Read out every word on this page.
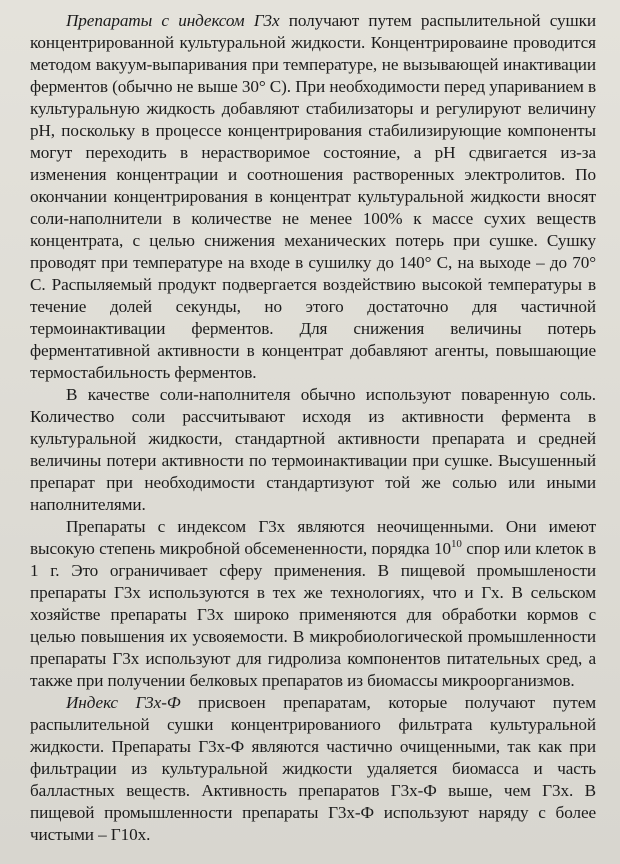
Препараты с индексом Г3х получают путем распылительной сушки концентрированной культуральной жидкости. Концентрироваине проводится методом вакуум-выпаривания при температуре, не вызывающей инактивации ферментов (обычно не выше 30° С). При необходимости перед упариванием в культуральную жидкость добавляют стабилизаторы и регулируют величину pH, поскольку в процессе концентрирования стабилизирующие компоненты могут переходить в нерастворимое состояние, а pH сдвигается из-за изменения концентрации и соотношения растворенных электролитов. По окончании концентрирования в концентрат культуральной жидкости вносят соли-наполнители в количестве не менее 100% к массе сухих веществ концентрата, с целью снижения механических потерь при сушке. Сушку проводят при температуре на входе в сушилку до 140° С, на выходе – до 70° С. Распыляемый продукт подвергается воздействию высокой температуры в течение долей секунды, но этого достаточно для частичной термоинактивации ферментов. Для снижения величины потерь ферментативной активности в концентрат добавляют агенты, повышающие термостабильность ферментов.

В качестве соли-наполнителя обычно используют поваренную соль. Количество соли рассчитывают исходя из активности фермента в культуральной жидкости, стандартной активности препарата и средней величины потери активности по термоинактивации при сушке. Высушенный препарат при необходимости стандартизуют той же солью или иными наполнителями.

Препараты с индексом Г3х являются неочищенными. Они имеют высокую степень микробной обсемененности, порядка $10^{10}$ спор или клеток в 1 г. Это ограничивает сферу применения. В пищевой промышлености препараты Г3х используются в тех же технологиях, что и Гх. В сельском хозяйстве препараты Г3х широко применяются для обработки кормов с целью повышения их усвояемости. В микробиологической промышленности препараты Г3х используют для гидролиза компонентов питательных сред, а также при получении белковых препаратов из биомассы микроорганизмов.

Индекс Г3х-Ф присвоен препаратам, которые получают путем распылительной сушки концентрированиого фильтрата культуральной жидкости. Препараты Г3х-Ф являются частично очищенными, так как при фильтрации из культуральной жидкости удаляется биомасса и часть балластных веществ. Активность препаратов Г3х-Ф выше, чем Г3х. В пищевой промышленности препараты Г3х-Ф используют наряду с более чистыми – Г10х.
